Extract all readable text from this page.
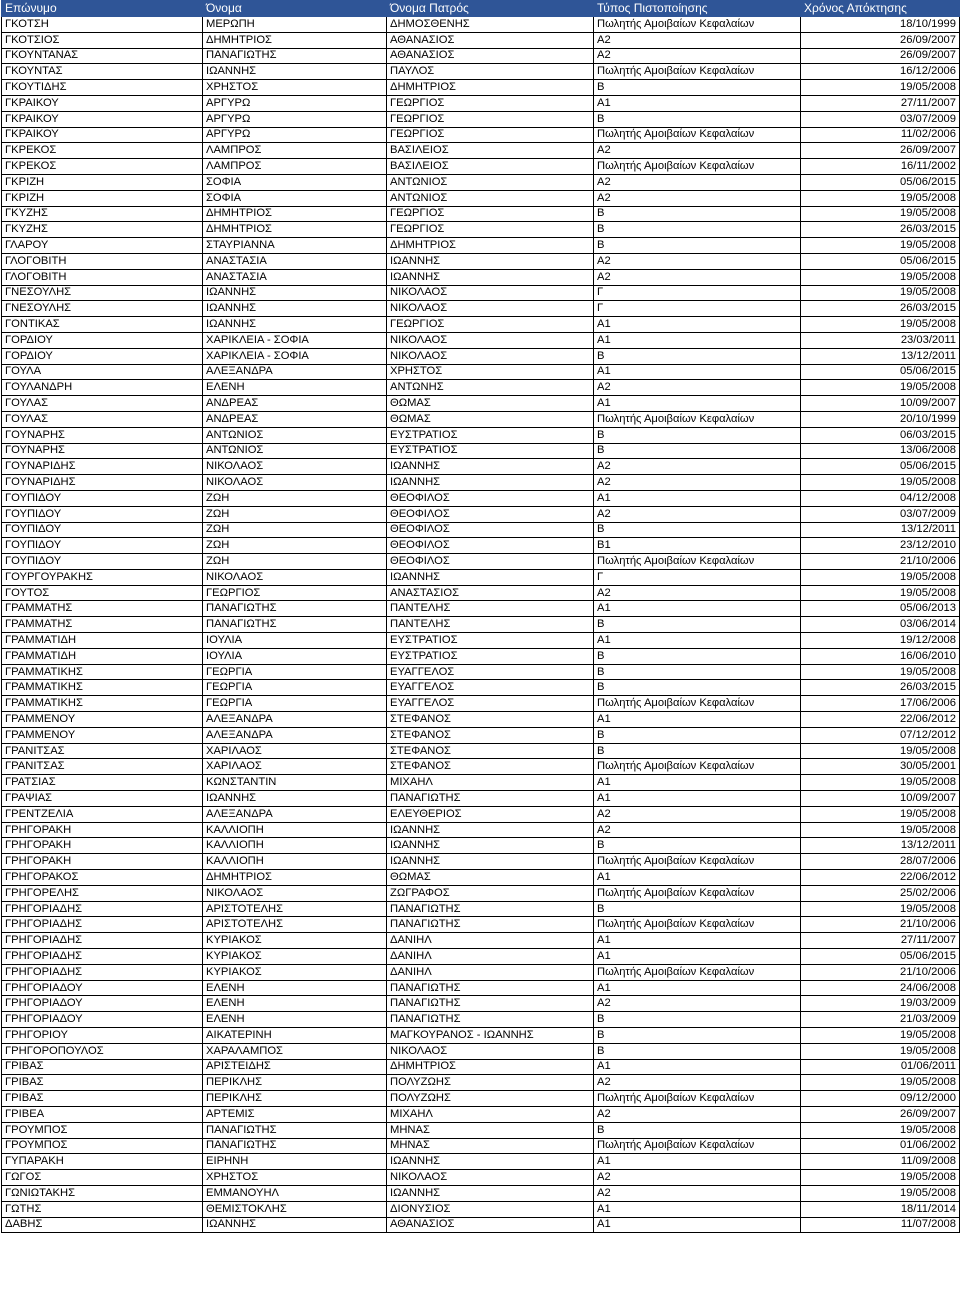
Επώνυμο	Όνομα	Όνομα Πατρός	Τύπος Πιστοποίησης	Χρόνος Απόκτησης
ΓΚΟΤΣΗ	ΜΕΡΩΠΗ	ΔΗΜΟΣΘΕΝΗΣ	Πωλητής Αμοιβαίων Κεφαλαίων	18/10/1999
ΓΚΟΤΣΙΟΣ	ΔΗΜΗΤΡΙΟΣ	ΑΘΑΝΑΣΙΟΣ	Α2	26/09/2007
ΓΚΟΥΝΤΑΝΑΣ	ΠΑΝΑΓΙΩΤΗΣ	ΑΘΑΝΑΣΙΟΣ	Α2	26/09/2007
ΓΚΟΥΝΤΑΣ	ΙΩΑΝΝΗΣ	ΠΑΥΛΟΣ	Πωλητής Αμοιβαίων Κεφαλαίων	16/12/2006
ΓΚΟΥΤΙΔΗΣ	ΧΡΗΣΤΟΣ	ΔΗΜΗΤΡΙΟΣ	Β	19/05/2008
ΓΚΡΑΙΚΟΥ	ΑΡΓΥΡΩ	ΓΕΩΡΓΙΟΣ	Α1	27/11/2007
ΓΚΡΑΙΚΟΥ	ΑΡΓΥΡΩ	ΓΕΩΡΓΙΟΣ	Β	03/07/2009
ΓΚΡΑΙΚΟΥ	ΑΡΓΥΡΩ	ΓΕΩΡΓΙΟΣ	Πωλητής Αμοιβαίων Κεφαλαίων	11/02/2006
ΓΚΡΕΚΟΣ	ΛΑΜΠΡΟΣ	ΒΑΣΙΛΕΙΟΣ	Α2	26/09/2007
ΓΚΡΕΚΟΣ	ΛΑΜΠΡΟΣ	ΒΑΣΙΛΕΙΟΣ	Πωλητής Αμοιβαίων Κεφαλαίων	16/11/2002
ΓΚΡΙΖΗ	ΣΟΦΙΑ	ΑΝΤΩΝΙΟΣ	Α2	05/06/2015
ΓΚΡΙΖΗ	ΣΟΦΙΑ	ΑΝΤΩΝΙΟΣ	Α2	19/05/2008
ΓΚΥΖΗΣ	ΔΗΜΗΤΡΙΟΣ	ΓΕΩΡΓΙΟΣ	Β	19/05/2008
ΓΚΥΖΗΣ	ΔΗΜΗΤΡΙΟΣ	ΓΕΩΡΓΙΟΣ	Β	26/03/2015
ΓΛΑΡΟΥ	ΣΤΑΥΡΙΑΝΝΑ	ΔΗΜΗΤΡΙΟΣ	Β	19/05/2008
ΓΛΟΓΟΒΙΤΗ	ΑΝΑΣΤΑΣΙΑ	ΙΩΑΝΝΗΣ	Α2	05/06/2015
ΓΛΟΓΟΒΙΤΗ	ΑΝΑΣΤΑΣΙΑ	ΙΩΑΝΝΗΣ	Α2	19/05/2008
ΓΝΕΣΟΥΛΗΣ	ΙΩΑΝΝΗΣ	ΝΙΚΟΛΑΟΣ	Γ	19/05/2008
ΓΝΕΣΟΥΛΗΣ	ΙΩΑΝΝΗΣ	ΝΙΚΟΛΑΟΣ	Γ	26/03/2015
ΓΟΝΤΙΚΑΣ	ΙΩΑΝΝΗΣ	ΓΕΩΡΓΙΟΣ	Α1	19/05/2008
ΓΟΡΔΙΟΥ	ΧΑΡΙΚΛΕΙΑ - ΣΟΦΙΑ	ΝΙΚΟΛΑΟΣ	Α1	23/03/2011
ΓΟΡΔΙΟΥ	ΧΑΡΙΚΛΕΙΑ - ΣΟΦΙΑ	ΝΙΚΟΛΑΟΣ	Β	13/12/2011
ΓΟΥΛΑ	ΑΛΕΞΑΝΔΡΑ	ΧΡΗΣΤΟΣ	Α1	05/06/2015
ΓΟΥΛΑΝΔΡΗ	ΕΛΕΝΗ	ΑΝΤΩΝΗΣ	Α2	19/05/2008
ΓΟΥΛΑΣ	ΑΝΔΡΕΑΣ	ΘΩΜΑΣ	Α1	10/09/2007
ΓΟΥΛΑΣ	ΑΝΔΡΕΑΣ	ΘΩΜΑΣ	Πωλητής Αμοιβαίων Κεφαλαίων	20/10/1999
ΓΟΥΝΑΡΗΣ	ΑΝΤΩΝΙΟΣ	ΕΥΣΤΡΑΤΙΟΣ	Β	06/03/2015
ΓΟΥΝΑΡΗΣ	ΑΝΤΩΝΙΟΣ	ΕΥΣΤΡΑΤΙΟΣ	Β	13/06/2008
ΓΟΥΝΑΡΙΔΗΣ	ΝΙΚΟΛΑΟΣ	ΙΩΑΝΝΗΣ	Α2	05/06/2015
ΓΟΥΝΑΡΙΔΗΣ	ΝΙΚΟΛΑΟΣ	ΙΩΑΝΝΗΣ	Α2	19/05/2008
ΓΟΥΠΙΔΟΥ	ΖΩΗ	ΘΕΟΦΙΛΟΣ	Α1	04/12/2008
ΓΟΥΠΙΔΟΥ	ΖΩΗ	ΘΕΟΦΙΛΟΣ	Α2	03/07/2009
ΓΟΥΠΙΔΟΥ	ΖΩΗ	ΘΕΟΦΙΛΟΣ	Β	13/12/2011
ΓΟΥΠΙΔΟΥ	ΖΩΗ	ΘΕΟΦΙΛΟΣ	Β1	23/12/2010
ΓΟΥΠΙΔΟΥ	ΖΩΗ	ΘΕΟΦΙΛΟΣ	Πωλητής Αμοιβαίων Κεφαλαίων	21/10/2006
ΓΟΥΡΓΟΥΡΑΚΗΣ	ΝΙΚΟΛΑΟΣ	ΙΩΑΝΝΗΣ	Γ	19/05/2008
ΓΟΥΤΟΣ	ΓΕΩΡΓΙΟΣ	ΑΝΑΣΤΑΣΙΟΣ	Α2	19/05/2008
ΓΡΑΜΜΑΤΗΣ	ΠΑΝΑΓΙΩΤΗΣ	ΠΑΝΤΕΛΗΣ	Α1	05/06/2013
ΓΡΑΜΜΑΤΗΣ	ΠΑΝΑΓΙΩΤΗΣ	ΠΑΝΤΕΛΗΣ	Β	03/06/2014
ΓΡΑΜΜΑΤΙΔΗ	ΙΟΥΛΙΑ	ΕΥΣΤΡΑΤΙΟΣ	Α1	19/12/2008
ΓΡΑΜΜΑΤΙΔΗ	ΙΟΥΛΙΑ	ΕΥΣΤΡΑΤΙΟΣ	Β	16/06/2010
ΓΡΑΜΜΑΤΙΚΗΣ	ΓΕΩΡΓΙΑ	ΕΥΑΓΓΕΛΟΣ	Β	19/05/2008
ΓΡΑΜΜΑΤΙΚΗΣ	ΓΕΩΡΓΙΑ	ΕΥΑΓΓΕΛΟΣ	Β	26/03/2015
ΓΡΑΜΜΑΤΙΚΗΣ	ΓΕΩΡΓΙΑ	ΕΥΑΓΓΕΛΟΣ	Πωλητής Αμοιβαίων Κεφαλαίων	17/06/2006
ΓΡΑΜΜΕΝΟΥ	ΑΛΕΞΑΝΔΡΑ	ΣΤΕΦΑΝΟΣ	Α1	22/06/2012
ΓΡΑΜΜΕΝΟΥ	ΑΛΕΞΑΝΔΡΑ	ΣΤΕΦΑΝΟΣ	Β	07/12/2012
ΓΡΑΝΙΤΣΑΣ	ΧΑΡΙΛΑΟΣ	ΣΤΕΦΑΝΟΣ	Β	19/05/2008
ΓΡΑΝΙΤΣΑΣ	ΧΑΡΙΛΑΟΣ	ΣΤΕΦΑΝΟΣ	Πωλητής Αμοιβαίων Κεφαλαίων	30/05/2001
ΓΡΑΤΣΙΑΣ	ΚΩΝΣΤΑΝΤΙΝ	ΜΙΧΑΗΛ	Α1	19/05/2008
ΓΡΑΨΙΑΣ	ΙΩΑΝΝΗΣ	ΠΑΝΑΓΙΩΤΗΣ	Α1	10/09/2007
ΓΡΕΝΤΖΕΛΙΑ	ΑΛΕΞΑΝΔΡΑ	ΕΛΕΥΘΕΡΙΟΣ	Α2	19/05/2008
ΓΡΗΓΟΡΑΚΗ	ΚΑΛΛΙΟΠΗ	ΙΩΑΝΝΗΣ	Α2	19/05/2008
ΓΡΗΓΟΡΑΚΗ	ΚΑΛΛΙΟΠΗ	ΙΩΑΝΝΗΣ	Β	13/12/2011
ΓΡΗΓΟΡΑΚΗ	ΚΑΛΛΙΟΠΗ	ΙΩΑΝΝΗΣ	Πωλητής Αμοιβαίων Κεφαλαίων	28/07/2006
ΓΡΗΓΟΡΑΚΟΣ	ΔΗΜΗΤΡΙΟΣ	ΘΩΜΑΣ	Α1	22/06/2012
ΓΡΗΓΟΡΕΛΗΣ	ΝΙΚΟΛΑΟΣ	ΖΩΓΡΑΦΟΣ	Πωλητής Αμοιβαίων Κεφαλαίων	25/02/2006
ΓΡΗΓΟΡΙΑΔΗΣ	ΑΡΙΣΤΟΤΕΛΗΣ	ΠΑΝΑΓΙΩΤΗΣ	Β	19/05/2008
ΓΡΗΓΟΡΙΑΔΗΣ	ΑΡΙΣΤΟΤΕΛΗΣ	ΠΑΝΑΓΙΩΤΗΣ	Πωλητής Αμοιβαίων Κεφαλαίων	21/10/2006
ΓΡΗΓΟΡΙΑΔΗΣ	ΚΥΡΙΑΚΟΣ	ΔΑΝΙΗΛ	Α1	27/11/2007
ΓΡΗΓΟΡΙΑΔΗΣ	ΚΥΡΙΑΚΟΣ	ΔΑΝΙΗΛ	Α1	05/06/2015
ΓΡΗΓΟΡΙΑΔΗΣ	ΚΥΡΙΑΚΟΣ	ΔΑΝΙΗΛ	Πωλητής Αμοιβαίων Κεφαλαίων	21/10/2006
ΓΡΗΓΟΡΙΑΔΟΥ	ΕΛΕΝΗ	ΠΑΝΑΓΙΩΤΗΣ	Α1	24/06/2008
ΓΡΗΓΟΡΙΑΔΟΥ	ΕΛΕΝΗ	ΠΑΝΑΓΙΩΤΗΣ	Α2	19/03/2009
ΓΡΗΓΟΡΙΑΔΟΥ	ΕΛΕΝΗ	ΠΑΝΑΓΙΩΤΗΣ	Β	21/03/2009
ΓΡΗΓΟΡΙΟΥ	ΑΙΚΑΤΕΡΙΝΗ	ΜΑΓΚΟΥΡΑΝΟΣ - ΙΩΑΝΝΗΣ	Β	19/05/2008
ΓΡΗΓΟΡΟΠΟΥΛΟΣ	ΧΑΡΑΛΑΜΠΟΣ	ΝΙΚΟΛΑΟΣ	Β	19/05/2008
ΓΡΙΒΑΣ	ΑΡΙΣΤΕΙΔΗΣ	ΔΗΜΗΤΡΙΟΣ	Α1	01/06/2011
ΓΡΙΒΑΣ	ΠΕΡΙΚΛΗΣ	ΠΟΛΥΖΩΗΣ	Α2	19/05/2008
ΓΡΙΒΑΣ	ΠΕΡΙΚΛΗΣ	ΠΟΛΥΖΩΗΣ	Πωλητής Αμοιβαίων Κεφαλαίων	09/12/2000
ΓΡΙΒΕΑ	ΑΡΤΕΜΙΣ	ΜΙΧΑΗΛ	Α2	26/09/2007
ΓΡΟΥΜΠΟΣ	ΠΑΝΑΓΙΩΤΗΣ	ΜΗΝΑΣ	Β	19/05/2008
ΓΡΟΥΜΠΟΣ	ΠΑΝΑΓΙΩΤΗΣ	ΜΗΝΑΣ	Πωλητής Αμοιβαίων Κεφαλαίων	01/06/2002
ΓΥΠΑΡΑΚΗ	ΕΙΡΗΝΗ	ΙΩΑΝΝΗΣ	Α1	11/09/2008
ΓΩΓΟΣ	ΧΡΗΣΤΟΣ	ΝΙΚΟΛΑΟΣ	Α2	19/05/2008
ΓΩΝΙΩΤΑΚΗΣ	ΕΜΜΑΝΟΥΗΛ	ΙΩΑΝΝΗΣ	Α2	19/05/2008
ΓΩΤΗΣ	ΘΕΜΙΣΤΟΚΛΗΣ	ΔΙΟΝΥΣΙΟΣ	Α1	18/11/2014
ΔΑΒΗΣ	ΙΩΑΝΝΗΣ	ΑΘΑΝΑΣΙΟΣ	Α1	11/07/2008
